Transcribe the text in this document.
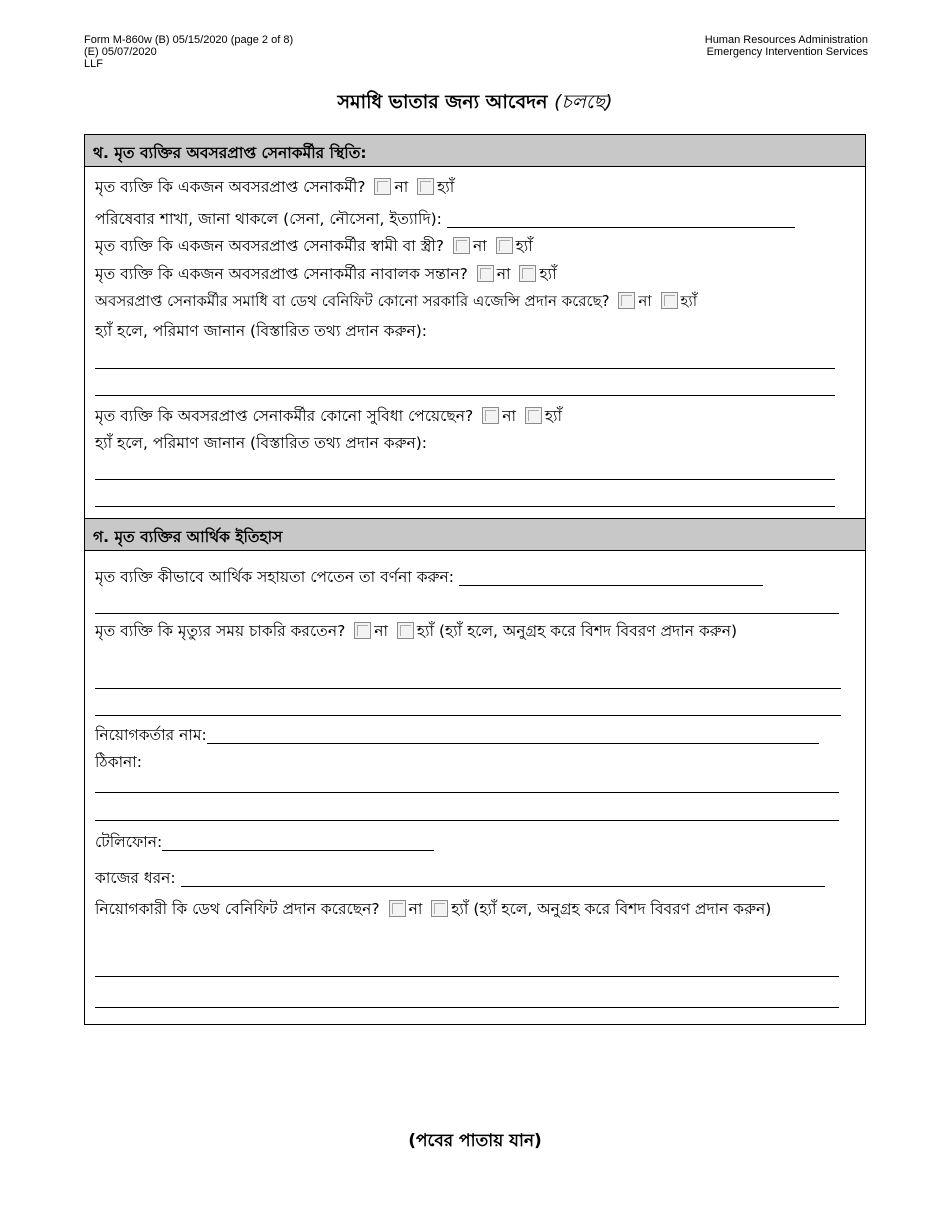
Form M-860w (B) 05/15/2020 (page 2 of 8)
(E) 05/07/2020
LLF
Human Resources Administration
Emergency Intervention Services
সমাধি ভাতার জন্য আবেদন (চলছে)
থ. মৃত ব্যক্তির অবসরপ্রাপ্ত সেনাকর্মীর স্থিতি:
মৃত ব্যক্তি কি একজন অবসরপ্রাপ্ত সেনাকর্মী? না হ্যাঁ
পরিষেবার শাখা, জানা থাকলে (সেনা, নৌসেনা, ইত্যাদি):
মৃত ব্যক্তি কি একজন অবসরপ্রাপ্ত সেনাকর্মীর স্বামী বা স্ত্রী? না হ্যাঁ
মৃত ব্যক্তি কি একজন অবসরপ্রাপ্ত সেনাকর্মীর নাবালক সন্তান? না হ্যাঁ
অবসরপ্রাপ্ত সেনাকর্মীর সমাধি বা ডেথ বেনিফিট কোনো সরকারি এজেন্সি প্রদান করেছে? না হ্যাঁ
হ্যাঁ হলে, পরিমাণ জানান (বিস্তারিত তথ্য প্রদান করুন):
মৃত ব্যক্তি কি অবসরপ্রাপ্ত সেনাকর্মীর কোনো সুবিধা পেয়েছেন? না হ্যাঁ
হ্যাঁ হলে, পরিমাণ জানান (বিস্তারিত তথ্য প্রদান করুন):
গ. মৃত ব্যক্তির আর্থিক ইতিহাস
মৃত ব্যক্তি কীভাবে আর্থিক সহায়তা পেতেন তা বর্ণনা করুন:
মৃত ব্যক্তি কি মৃত্যুর সময় চাকরি করতেন? না হ্যাঁ (হ্যাঁ হলে, অনুগ্রহ করে বিশদ বিবরণ প্রদান করুন)
নিয়োগকর্তার নাম:
ঠিকানা:
টেলিফোন:
কাজের ধরন:
নিয়োগকারী কি ডেথ বেনিফিট প্রদান করেছেন? না হ্যাঁ (হ্যাঁ হলে, অনুগ্রহ করে বিশদ বিবরণ প্রদান করুন)
(পবের পাতায় যান)
